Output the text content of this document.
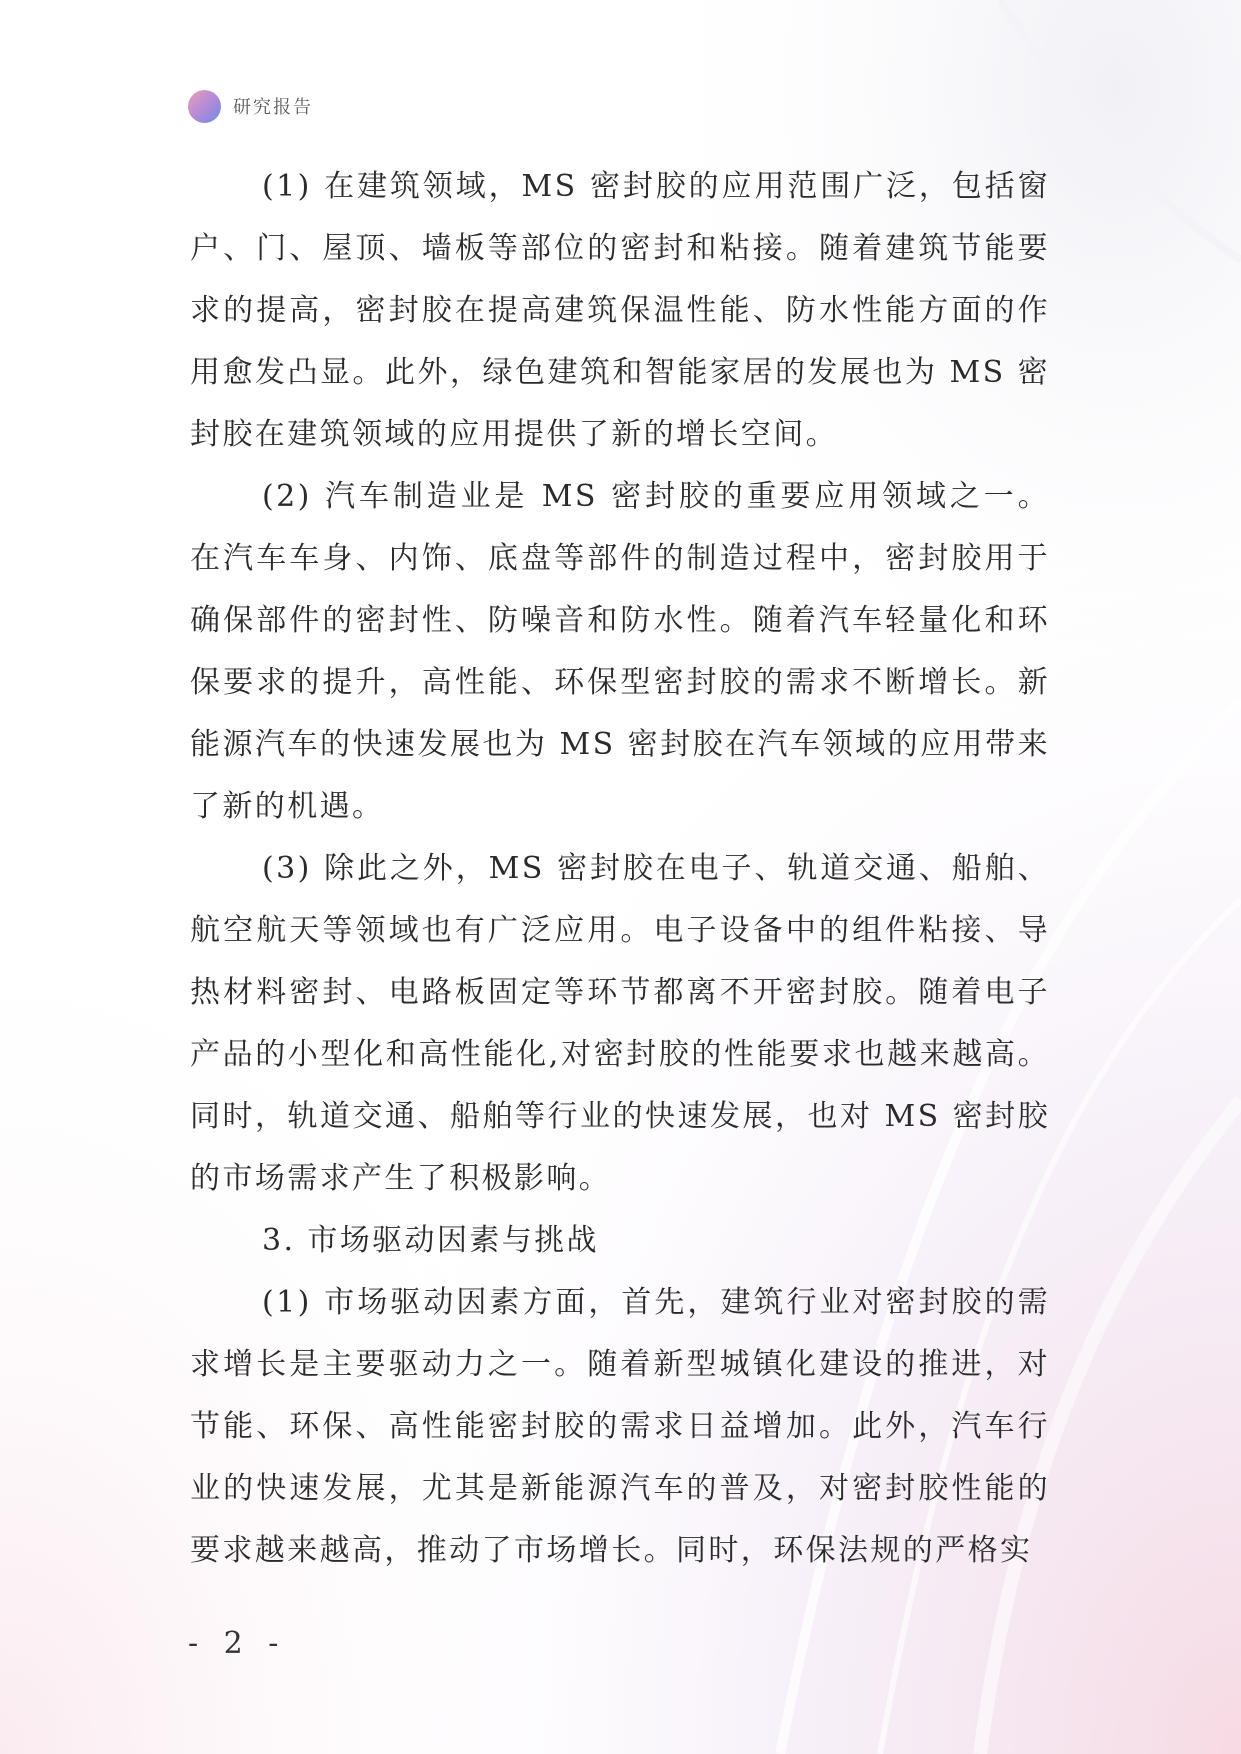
研究报告

(1) 在建筑领域，MS 密封胶的应用范围广泛，包括窗户、门、屋顶、墙板等部位的密封和粘接。随着建筑节能要求的提高，密封胶在提高建筑保温性能、防水性能方面的作用愈发凸显。此外，绿色建筑和智能家居的发展也为 MS 密封胶在建筑领域的应用提供了新的增长空间。

(2) 汽车制造业是 MS 密封胶的重要应用领域之一。在汽车车身、内饰、底盘等部件的制造过程中，密封胶用于确保部件的密封性、防噪音和防水性。随着汽车轻量化和环保要求的提升，高性能、环保型密封胶的需求不断增长。新能源汽车的快速发展也为 MS 密封胶在汽车领域的应用带来了新的机遇。

(3) 除此之外，MS 密封胶在电子、轨道交通、船舶、航空航天等领域也有广泛应用。电子设备中的组件粘接、导热材料密封、电路板固定等环节都离不开密封胶。随着电子产品的小型化和高性能化,对密封胶的性能要求也越来越高。同时，轨道交通、船舶等行业的快速发展，也对 MS 密封胶的市场需求产生了积极影响。

3. 市场驱动因素与挑战

(1) 市场驱动因素方面，首先，建筑行业对密封胶的需求增长是主要驱动力之一。随着新型城镇化建设的推进，对节能、环保、高性能密封胶的需求日益增加。此外，汽车行业的快速发展，尤其是新能源汽车的普及，对密封胶性能的要求越来越高，推动了市场增长。同时，环保法规的严格实

- 2 -
